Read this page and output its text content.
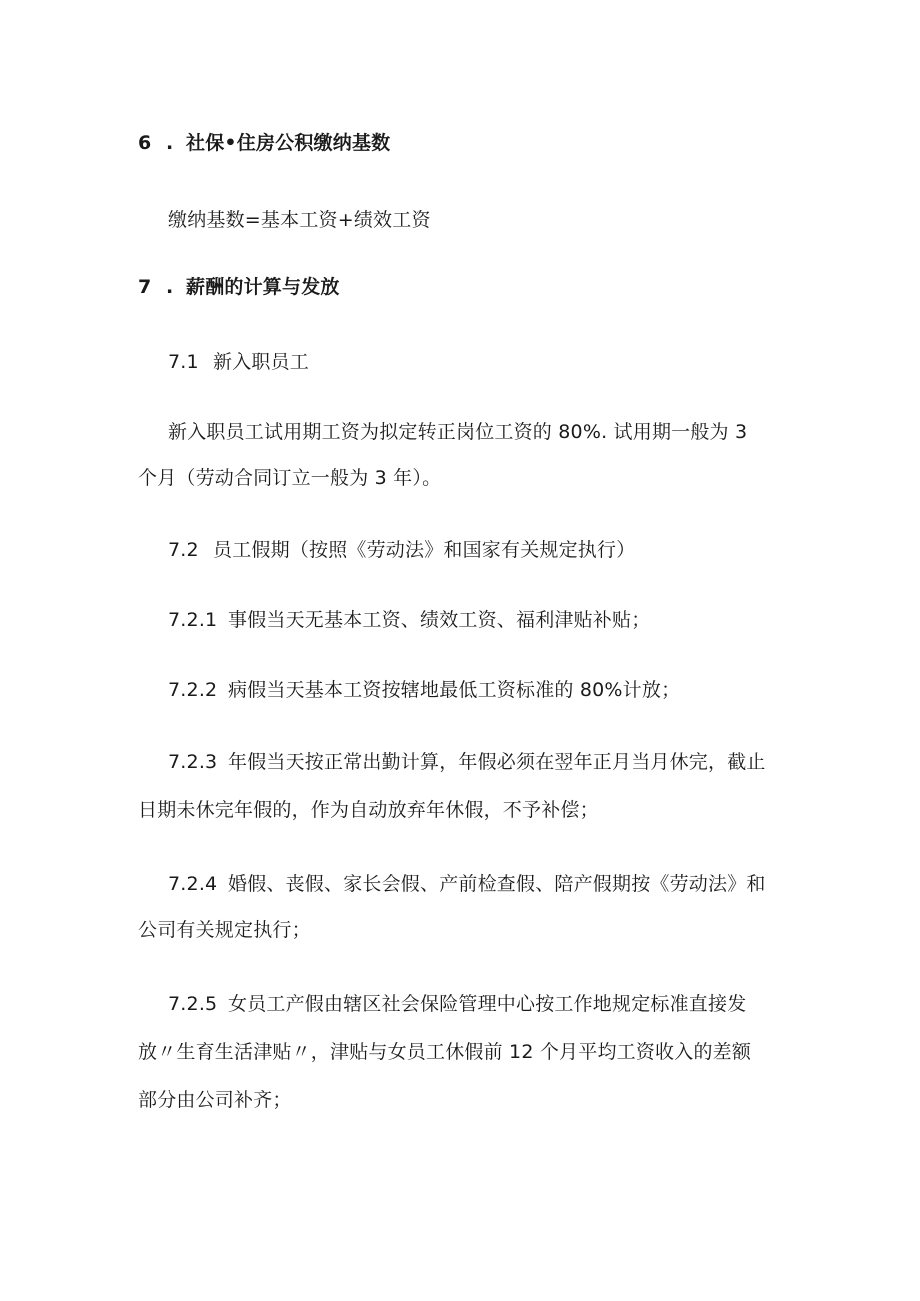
6 . 社保•住房公积缴纳基数
缴纳基数=基本工资+绩效工资
7 . 薪酬的计算与发放
7.1 新入职员工
新入职员工试用期工资为拟定转正岗位工资的 80%. 试用期一般为 3
个月（劳动合同订立一般为 3 年）。
7.2 员工假期（按照《劳动法》和国家有关规定执行）
7.2.1 事假当天无基本工资、绩效工资、福利津贴补贴；
7.2.2 病假当天基本工资按辖地最低工资标准的 80%计放；
7.2.3 年假当天按正常出勤计算，年假必须在翌年正月当月休完，截止
日期未休完年假的，作为自动放弃年休假，不予补偿；
7.2.4 婚假、丧假、家长会假、产前检查假、陪产假期按《劳动法》和
公司有关规定执行；
7.2.5 女员工产假由辖区社会保险管理中心按工作地规定标准直接发
放〃生育生活津贴〃，津贴与女员工休假前 12 个月平均工资收入的差额
部分由公司补齐；
